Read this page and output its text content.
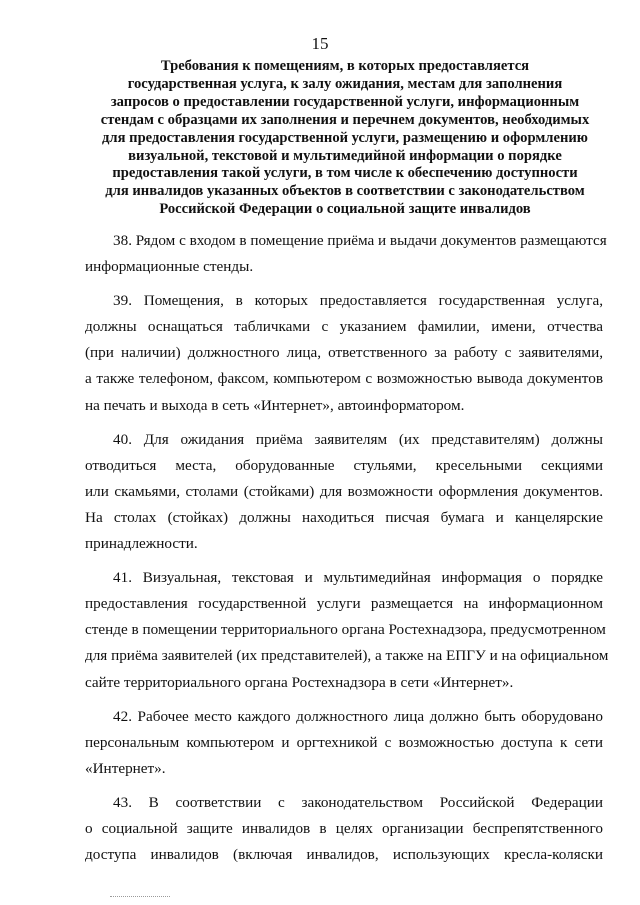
15
Требования к помещениям, в которых предоставляется
государственная услуга, к залу ожидания, местам для заполнения
запросов о предоставлении государственной услуги, информационным
стендам с образцами их заполнения и перечнем документов, необходимых
для предоставления государственной услуги, размещению и оформлению
визуальной, текстовой и мультимедийной информации о порядке
предоставления такой услуги, в том числе к обеспечению доступности
для инвалидов указанных объектов в соответствии с законодательством
Российской Федерации о социальной защите инвалидов
38. Рядом с входом в помещение приёма и выдачи документов размещаются
информационные стенды.
39. Помещения, в которых предоставляется государственная услуга,
должны оснащаться табличками с указанием фамилии, имени, отчества
(при наличии) должностного лица, ответственного за работу с заявителями,
а также телефоном, факсом, компьютером с возможностью вывода документов
на печать и выхода в сеть «Интернет», автоинформатором.
40. Для ожидания приёма заявителям (их представителям) должны
отводиться места, оборудованные стульями, кресельными секциями
или скамьями, столами (стойками) для возможности оформления документов.
На столах (стойках) должны находиться писчая бумага и канцелярские
принадлежности.
41. Визуальная, текстовая и мультимедийная информация о порядке
предоставления государственной услуги размещается на информационном
стенде в помещении территориального органа Ростехнадзора, предусмотренном
для приёма заявителей (их представителей), а также на ЕПГУ и на официальном
сайте территориального органа Ростехнадзора в сети «Интернет».
42. Рабочее место каждого должностного лица должно быть оборудовано
персональным компьютером и оргтехникой с возможностью доступа к сети
«Интернет».
43. В соответствии с законодательством Российской Федерации
о социальной защите инвалидов в целях организации беспрепятственного
доступа инвалидов (включая инвалидов, использующих кресла-коляски
